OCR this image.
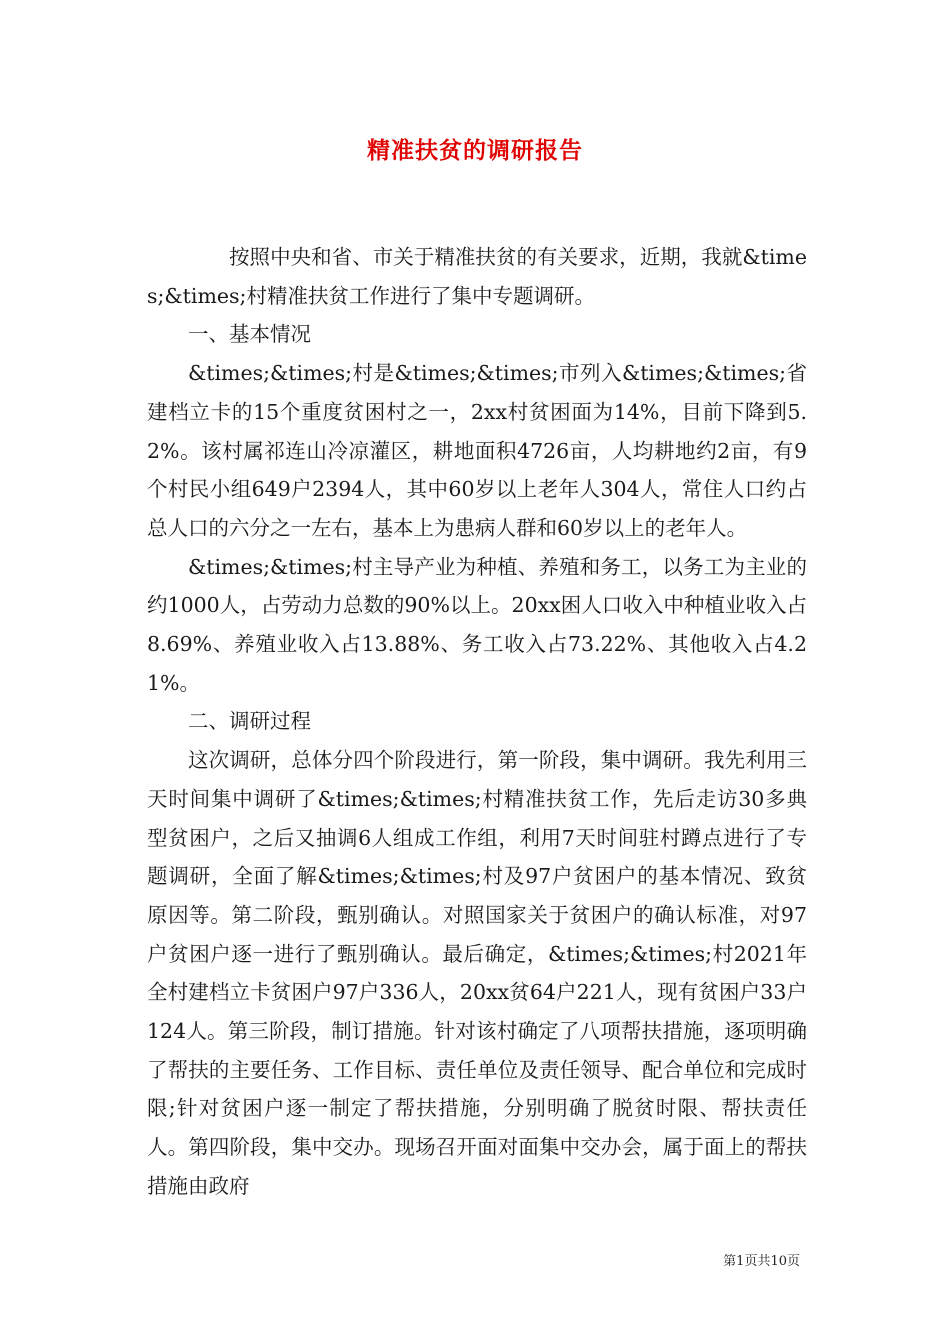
精准扶贫的调研报告

按照中央和省、市关于精准扶贫的有关要求，近期，我就&times;&times;村精准扶贫工作进行了集中专题调研。

一、基本情况

&times;&times;村是&times;&times;市列入&times;&times;省建档立卡的15个重度贫困村之一，2xx村贫困面为14%，目前下降到5.2%。该村属祁连山冷凉灌区，耕地面积4726亩，人均耕地约2亩，有9个村民小组649户2394人，其中60岁以上老年人304人，常住人口约占总人口的六分之一左右，基本上为患病人群和60岁以上的老年人。

&times;&times;村主导产业为种植、养殖和务工，以务工为主业的约1000人，占劳动力总数的90%以上。20xx困人口收入中种植业收入占8.69%、养殖业收入占13.88%、务工收入占73.22%、其他收入占4.21%。

二、调研过程

这次调研，总体分四个阶段进行，第一阶段，集中调研。我先利用三天时间集中调研了&times;&times;村精准扶贫工作，先后走访30多典型贫困户，之后又抽调6人组成工作组，利用7天时间驻村蹲点进行了专题调研，全面了解&times;&times;村及97户贫困户的基本情况、致贫原因等。第二阶段，甄别确认。对照国家关于贫困户的确认标准，对97户贫困户逐一进行了甄别确认。最后确定，&times;&times;村2021年全村建档立卡贫困户97户336人，20xx贫64户221人，现有贫困户33户124人。第三阶段，制订措施。针对该村确定了八项帮扶措施，逐项明确了帮扶的主要任务、工作目标、责任单位及责任领导、配合单位和完成时限;针对贫困户逐一制定了帮扶措施，分别明确了脱贫时限、帮扶责任人。第四阶段，集中交办。现场召开面对面集中交办会，属于面上的帮扶措施由政府

第1页共10页
